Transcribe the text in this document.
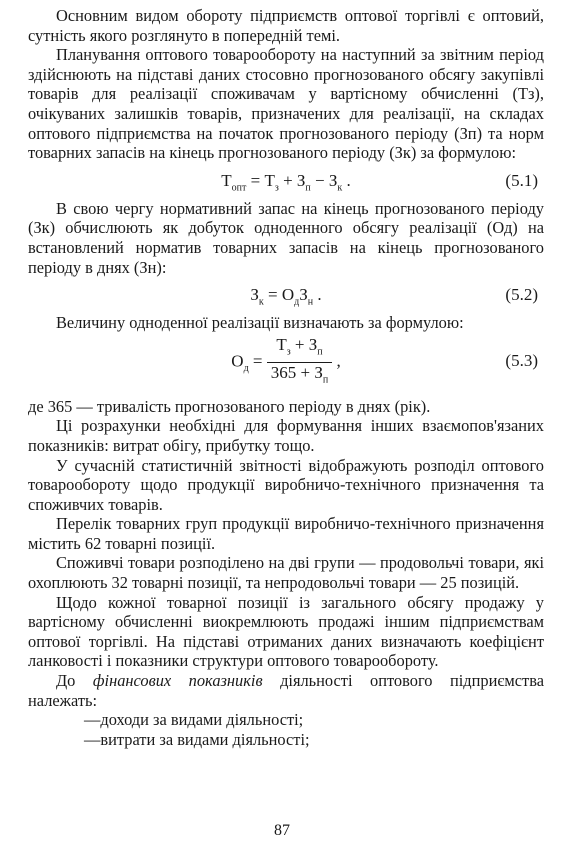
Основним видом обороту підприємств оптової торгівлі є оптовий, сутність якого розглянуто в попередній темі.

Планування оптового товарообороту на наступний за звітним період здійснюють на підставі даних стосовно прогнозованого обсягу закупівлі товарів для реалізації споживачам у вартісному обчисленні (Тз), очікуваних залишків товарів, призначених для реалізації, на складах оптового підприємства на початок прогнозованого періоду (Зп) та норм товарних запасів на кінець прогнозованого періоду (Зк) за формулою:

$Т_{опт} = Т_з + З_п - З_к$ .	(5.1)

В свою чергу нормативний запас на кінець прогнозованого періоду (Зк) обчислюють як добуток одноденного обсягу реалізації (Од) на встановлений норматив товарних запасів на кінець прогнозованого періоду в днях (Зн):

$З_к = О_дЗ_н$ .	(5.2)

Величину одноденної реалізації визначають за формулою:

$О_д = \frac{Т_з + З_п}{365 + З_п}$ ,	(5.3)

де 365 — тривалість прогнозованого періоду в днях (рік).

Ці розрахунки необхідні для формування інших взаємопов'язаних показників: витрат обігу, прибутку тощо.

У сучасній статистичній звітності відображують розподіл оптового товарообороту щодо продукції виробничо-технічного призначення та споживчих товарів.

Перелік товарних груп продукції виробничо-технічного призначення містить 62 товарні позиції.

Споживчі товари розподілено на дві групи — продовольчі товари, які охоплюють 32 товарні позиції, та непродовольчі товари — 25 позицій.

Щодо кожної товарної позиції із загального обсягу продажу у вартісному обчисленні виокремлюють продажі іншим підприємствам оптової торгівлі. На підставі отриманих даних визначають коефіцієнт ланковості і показники структури оптового товарообороту.

До фінансових показників діяльності оптового підприємства належать:

—доходи за видами діяльності;

—витрати за видами діяльності;

87
